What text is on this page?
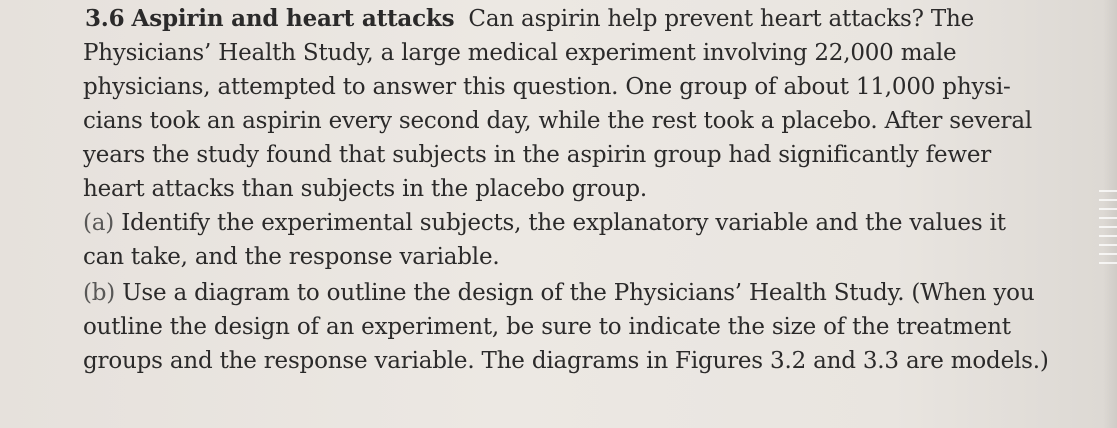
3.6 Aspirin and heart attacks Can aspirin help prevent heart attacks? The
Physicians’ Health Study, a large medical experiment involving 22,000 male
physicians, attempted to answer this question. One group of about 11,000 physi-
cians took an aspirin every second day, while the rest took a placebo. After several
years the study found that subjects in the aspirin group had significantly fewer
heart attacks than subjects in the placebo group.
(a) Identify the experimental subjects, the explanatory variable and the values it
can take, and the response variable.
(b) Use a diagram to outline the design of the Physicians’ Health Study. (When you
outline the design of an experiment, be sure to indicate the size of the treatment
groups and the response variable. The diagrams in Figures 3.2 and 3.3 are models.)
